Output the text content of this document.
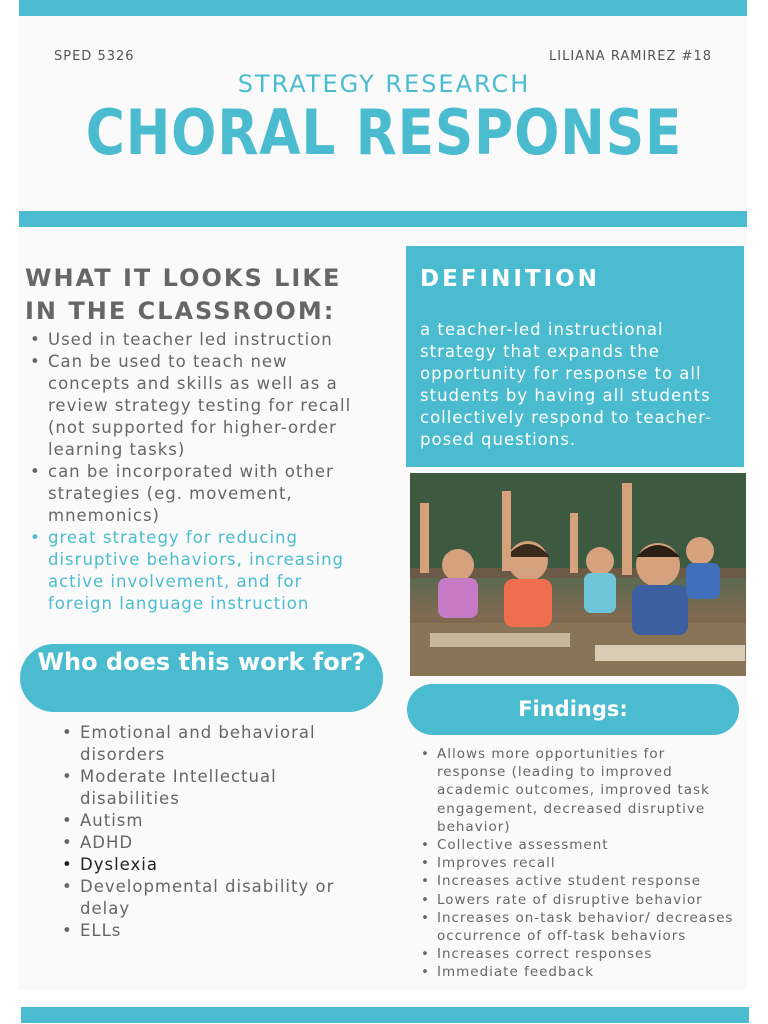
SPED 5326	LILIANA RAMIREZ #18
STRATEGY RESEARCH
CHORAL RESPONSE
WHAT IT LOOKS LIKE IN THE CLASSROOM:
• Used in teacher led instruction
• Can be used to teach new concepts and skills as well as a review strategy testing for recall (not supported for higher-order learning tasks)
• can be incorporated with other strategies (eg. movement, mnemonics)
• great strategy for reducing disruptive behaviors, increasing active involvement, and for foreign language instruction
DEFINITION
a teacher-led instructional strategy that expands the opportunity for response to all students by having all students collectively respond to teacher-posed questions.
Who does this work for?
• Emotional and behavioral disorders
• Moderate Intellectual disabilities
• Autism
• ADHD
• Dyslexia
• Developmental disability or delay
• ELLs
Findings:
• Allows more opportunities for response (leading to improved academic outcomes, improved task engagement, decreased disruptive behavior)
• Collective assessment
• Improves recall
• Increases active student response
• Lowers rate of disruptive behavior
• Increases on-task behavior/ decreases occurrence of off-task behaviors
• Increases correct responses
• Immediate feedback
